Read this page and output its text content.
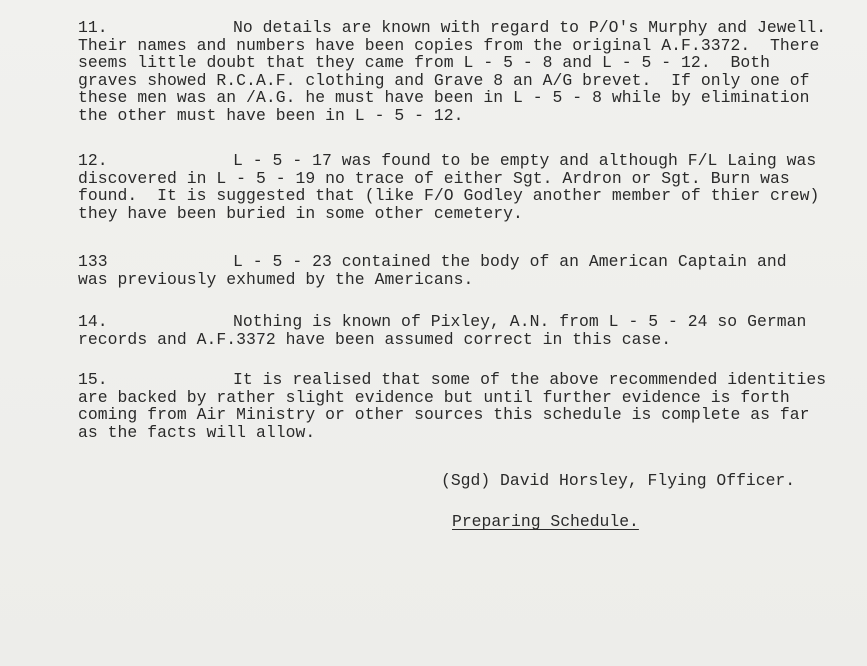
11.	No details are known with regard to P/O's Murphy and Jewell.
Their names and numbers have been copies from the original A.F.3372.  There
seems little doubt that they came from L - 5 - 8 and L - 5 - 12.  Both
graves showed R.C.A.F. clothing and Grave 8 an A/G brevet.  If only one of
these men was an /A.G. he must have been in L - 5 - 8 while by elimination
the other must have been in L - 5 - 12.
12.	L - 5 - 17 was found to be empty and although F/L Laing was
discovered in L - 5 - 19 no trace of either Sgt. Ardron or Sgt. Burn was
found.  It is suggested that (like F/O Godley another member of thier crew)
they have been buried in some other cemetery.
133	L - 5 - 23 contained the body of an American Captain and
was previously exhumed by the Americans.
14.	Nothing is known of Pixley, A.N. from L - 5 - 24 so German
records and A.F.3372 have been assumed correct in this case.
15.	It is realised that some of the above recommended identities
are backed by rather slight evidence but until further evidence is forth
coming from Air Ministry or other sources this schedule is complete as far
as the facts will allow.
(Sgd) David Horsley, Flying Officer.
Preparing Schedule.
